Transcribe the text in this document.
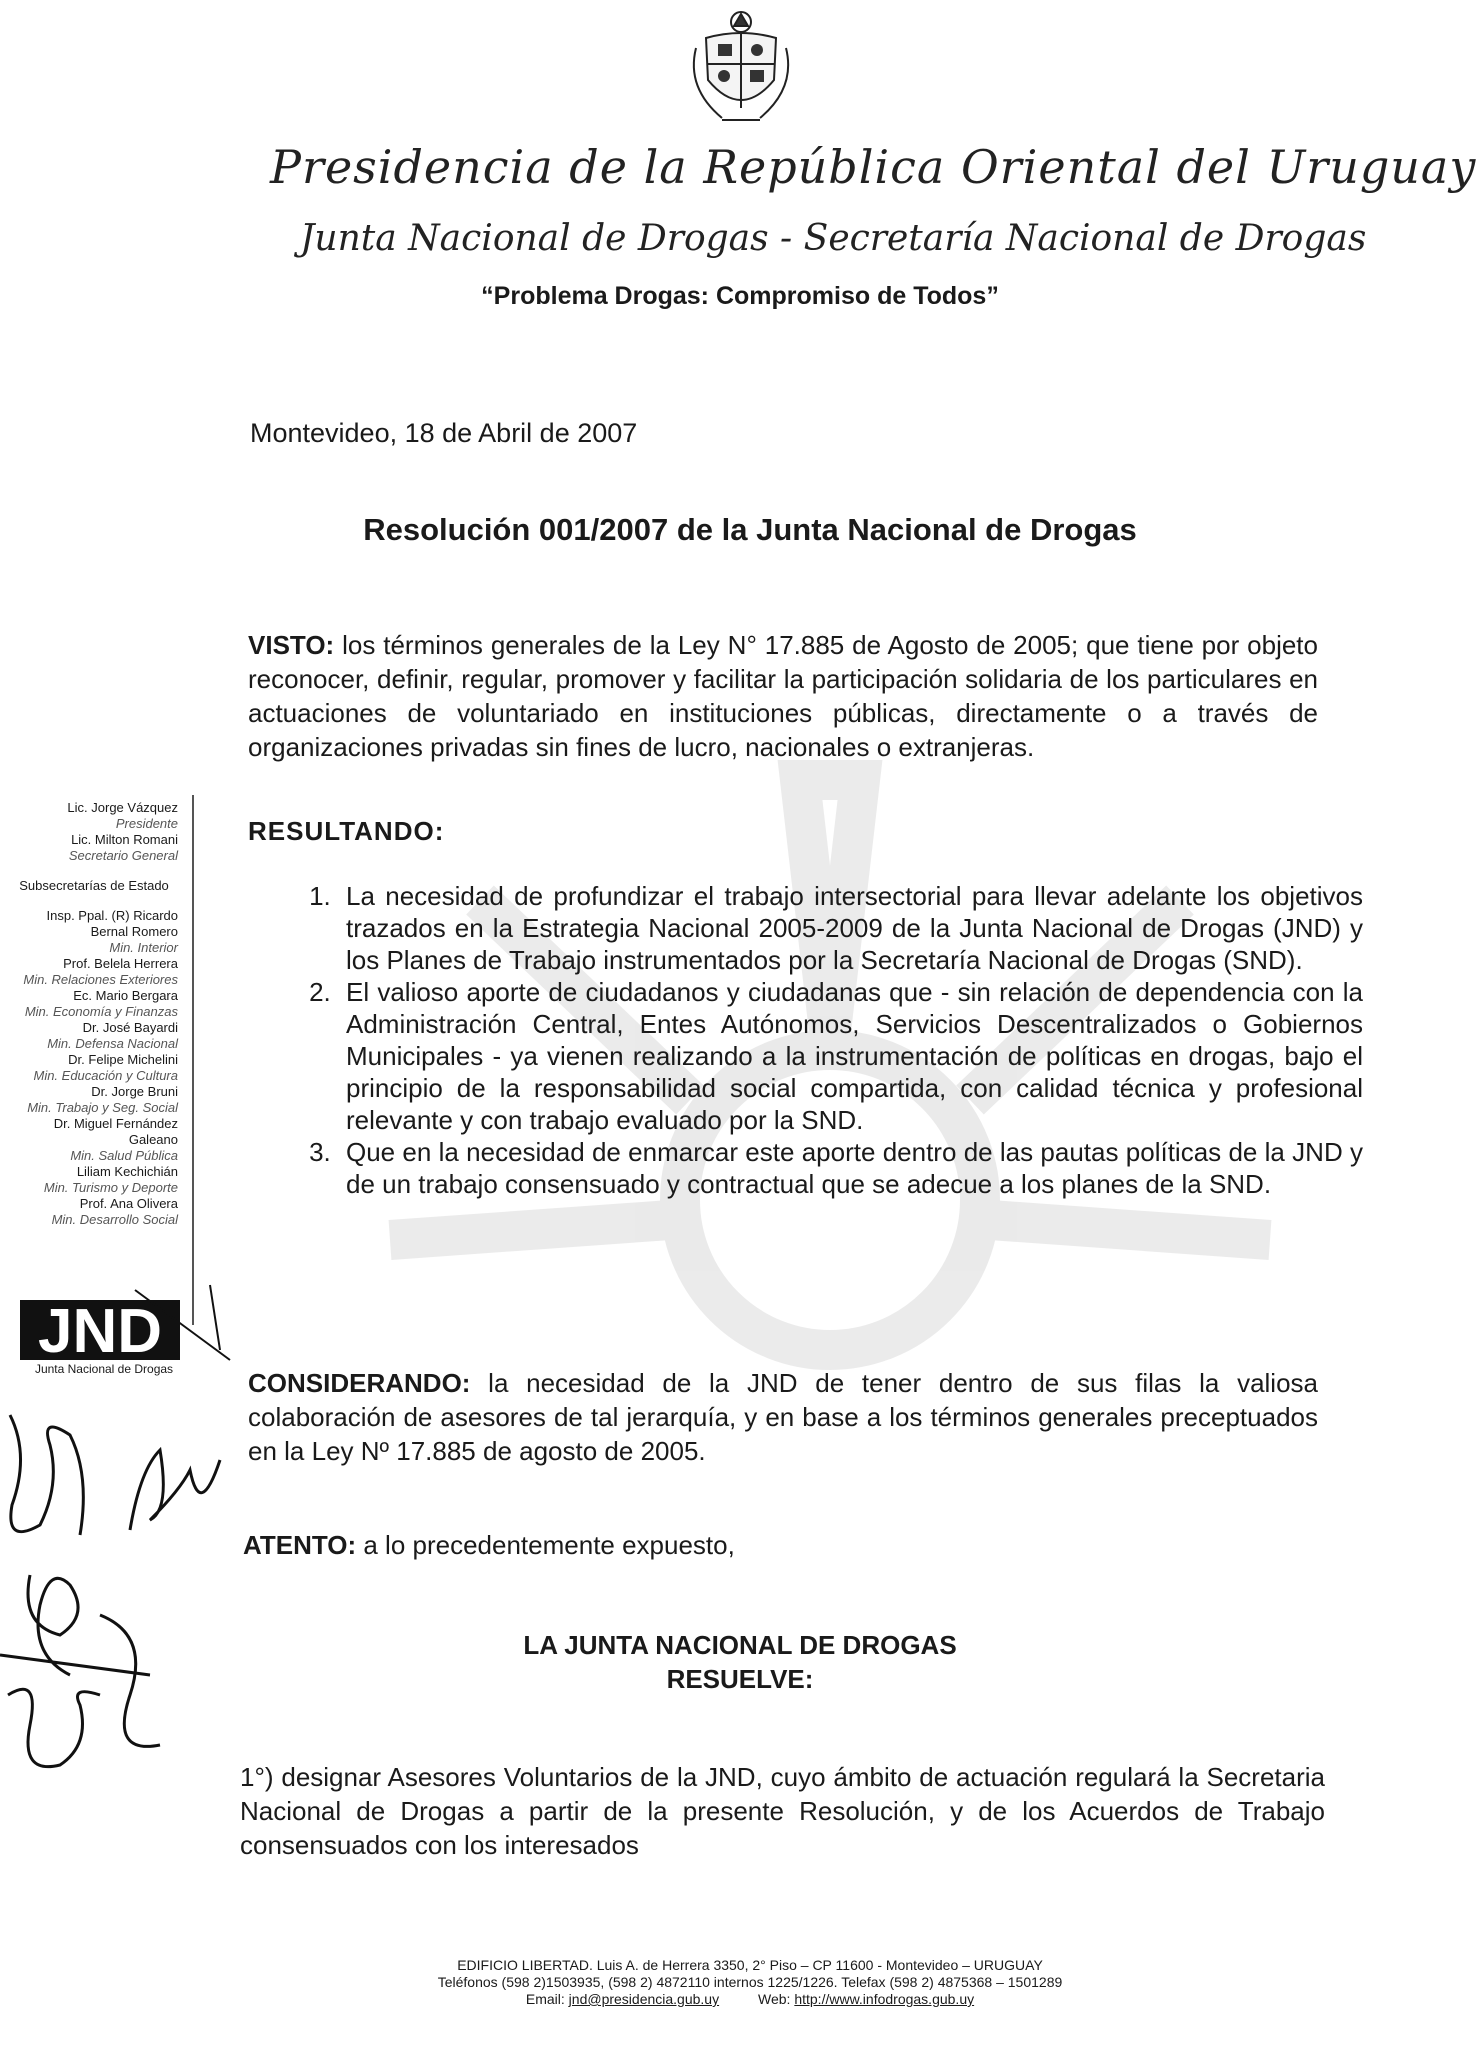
Presidencia de la República Oriental del Uruguay
Junta Nacional de Drogas - Secretaría Nacional de Drogas
“Problema Drogas: Compromiso de Todos”
Montevideo, 18 de Abril de 2007
Resolución 001/2007 de la Junta Nacional de Drogas
VISTO: los términos generales de la Ley N° 17.885 de Agosto de 2005; que tiene por objeto reconocer, definir, regular, promover y facilitar la participación solidaria de los particulares en actuaciones de voluntariado en instituciones públicas, directamente o a través de organizaciones privadas sin fines de lucro, nacionales o extranjeras.
RESULTANDO:
1. La necesidad de profundizar el trabajo intersectorial para llevar adelante los objetivos trazados en la Estrategia Nacional 2005-2009 de la Junta Nacional de Drogas (JND) y los Planes de Trabajo instrumentados por la Secretaría Nacional de Drogas (SND).
2. El valioso aporte de ciudadanos y ciudadanas que - sin relación de dependencia con la Administración Central, Entes Autónomos, Servicios Descentralizados o Gobiernos Municipales - ya vienen realizando a la instrumentación de políticas en drogas, bajo el principio de la responsabilidad social compartida, con calidad técnica y profesional relevante y con trabajo evaluado por la SND.
3. Que en la necesidad de enmarcar este aporte dentro de las pautas políticas de la JND y de un trabajo consensuado y contractual que se adecue a los planes de la SND.
CONSIDERANDO: la necesidad de la JND de tener dentro de sus filas la valiosa colaboración de asesores de tal jerarquía, y en base a los términos generales preceptuados en la Ley Nº 17.885 de agosto de 2005.
ATENTO: a lo precedentemente expuesto,
LA JUNTA NACIONAL DE DROGAS
RESUELVE:
1°) designar Asesores Voluntarios de la JND, cuyo ámbito de actuación regulará la Secretaria Nacional de Drogas a partir de la presente Resolución, y de los Acuerdos de Trabajo consensuados con los interesados
Lic. Jorge Vázquez
Presidente
Lic. Milton Romani
Secretario General
Subsecretarías de Estado
Insp. Ppal. (R) Ricardo Bernal Romero
Min. Interior
Prof. Belela Herrera
Min. Relaciones Exteriores
Ec. Mario Bergara
Min. Economía y Finanzas
Dr. José Bayardi
Min. Defensa Nacional
Dr. Felipe Michelini
Min. Educación y Cultura
Dr. Jorge Bruni
Min. Trabajo y Seg. Social
Dr. Miguel Fernández Galeano
Min. Salud Pública
Liliam Kechichián
Min. Turismo y Deporte
Prof. Ana Olivera
Min. Desarrollo Social
JND
Junta Nacional de Drogas
EDIFICIO LIBERTAD. Luis A. de Herrera 3350, 2° Piso – CP 11600 - Montevideo – URUGUAY
Teléfonos (598 2)1503935, (598 2) 4872110 internos 1225/1226. Telefax (598 2) 4875368 – 1501289
Email: jnd@presidencia.gub.uy	Web: http://www.infodrogas.gub.uy
